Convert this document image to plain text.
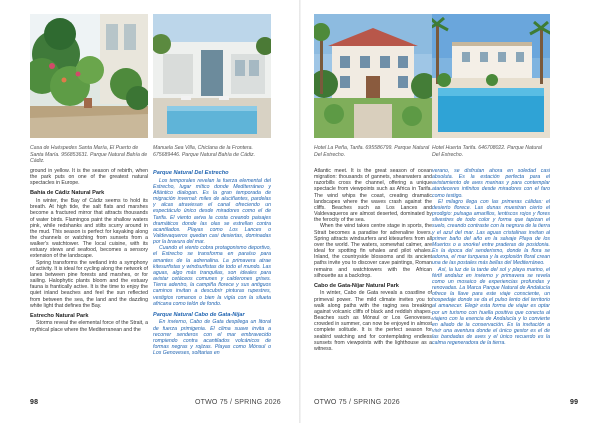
Casa de Huéspedes Santa María, El Puerto de Santa María. 956853631. Parque Natural Bahía de Cádiz.
Manuela Sea Villa, Chiclana de la Frontera. 675689446. Parque Natural Bahía de Cádiz.

ground in yellow. It is the season of rebirth, when the park puts on one of the greatest natural spectacles in Europe.

Bahía de Cádiz Natural Park

In winter, the Bay of Cádiz seems to hold its breath. At high tide, the salt flats and marshes become a fractured mirror that attracts thousands of water birds. Flamingos paint the shallow waters pink, while redshanks and stilts scurry around in the mud. This season is perfect for kayaking along the channels or watching from sunsets from a walker's watchtower. The local cuisine, with its estuary stews and seafood, becomes a sensory extension of the landscape.

Spring transforms the wetland into a symphony of activity. It is ideal for cycling along the network of lanes between pine forests and marshes, or for sailing. Halophytic plants bloom and the estuary fauna is frantically active. It is the time to enjoy the quiet inland beaches and feel the sun reflected from between the sea, the land and the dazzling white light that defines the Bay.

Estrecho Natural Park

Storms reveal the elemental force of the Strait, a mythical place where the Mediterranean and the

Parque Natural Del Estrecho

Los temporales revelan la fuerza elemental del Estrecho, lugar mítico donde Mediterráneo y Atlántico dialogan. Es la gran temporada de migración invernal: miles de aluciñantes, pardelas y alcas atraviesan el canal ofreciendo un espectáculo único desde miradores como el de Tarifa. El viento aviva la costa creando paisajes dramáticos donde las olas se estrellan contra acantilados. Playas como Los Lances o Valdevaqueros quedan casi desiertas, dominadas por la bravura del mar.

Cuando el viento cobra protagonismo deportivo, el Estrecho se transforma en paraíso para amantes de la adrenalina. La primavera atrae kitesurfistas y windsurfistas de todo el mundo. Las aguas, algo más tranquilas, son ideales para avistar cetáceos comunes y calderones grises. Tierra adentro, la campiña florece y sus antiguos caminos invitan a descubrir pinturas rupestres, vestigios romanos o bien la vigía con la silueta africana como telón de fondo.

Parque Natural Cabo de Gata-Níjar

En invierno, Cabo de Gata despliega un litoral de fuerza primigenia. El clima suave invita a recorrer senderos con el mar embravecido rompiendo contra acantilados volcánicos de formas negras y rojizas. Playas como Mónsul o Los Genoveses, solitarias en

98	OTWO 75 / SPRING 2026
Hotel La Peña, Tarifa. 695586799. Parque Natural Del Estrecho.
Hotel Huerta Tarifa. 646708022. Parque Natural Del Estrecho.

Atlantic meet. It is the great season of ocean migration: thousands of gannets, shearwaters and razorbills cross the channel, offering a unique spectacle from viewpoints such as Africa in Tarifa. The wind whips the coast, creating dramatic landscapes where the waves crash against the cliffs. Beaches such as Los Lances and Valdevaqueros are almost deserted, dominated by the ferocity of the sea.

When the wind takes centre stage in sports, the Strait becomes a paradise for adrenaline lovers. Spring attracts windsurfers and kitesurfers from all over the world. The waters, somewhat calmer, are ideal for spotting fin whales and pilot whales. Inland, the countryside blossoms and its ancient paths invite you to discover cave paintings, Roman remains and watchtowers with the African silhouette as a backdrop.

Cabo de Gata-Níjar Natural Park

In winter, Cabo de Gata reveals a coastline of primeval power. The mild climate invites you to walk along paths with the raging sea breaking against volcanic cliffs of black and reddish shapes. Beaches such as Mónsul or Los Genoveses, crowded in summer, can now be enjoyed in almost complete solitude. It is the perfect season for seabird watching and for contemplating endless sunsets from viewpoints with the lighthouse as a witness.

verano, se disfrutan ahora en soledad casi absoluta. Es la estación perfecta para el avistamiento de aves marinas y para contemplar atardeceres infinitos desde miradores con el faro como testigo.

El milagro llega con las primeras cálidas: el desierto florece. Las dunas muestran cierto el prodigio: pulsaga amarillos, lentiscos rojos y flores silvestres de todo color y forma que tapizan el suelo, creando contraste con la negrura de la tierra y el azul del mar. Las aguas cristalinas invitan al primer baño del año en la salvaje Playa de los Muertos o a snorkel entre praderas de posidonia. Es la época del senderismo, donde la flora se adorna, el mar turquesa y la explosión floral crean una de las postales más bellas del Mediterráneo.

Así, la luz de la tarde del sol y playa marino, el fértil andaluz en invierno y primavera se revela como un mosaico de experiencias profundas y renovadas. La Marca Parque Natural de Andalucía ofrece la llave para este viaje consciente, un hospedaje donde se da el pulso lento del territorio al amanecer. Elegir esta forma de viajar es optar por un turismo con huella positiva que conecta al viajero con la esencia de Andalucía y lo convierte en aliado de la conservación. Es la invitación a vivir una aventura donde el único gestor es el de las bandadas de aves y el único recuerdo es la calma regeneradora de la tierra.

OTWO 75 / SPRING 2026	99
